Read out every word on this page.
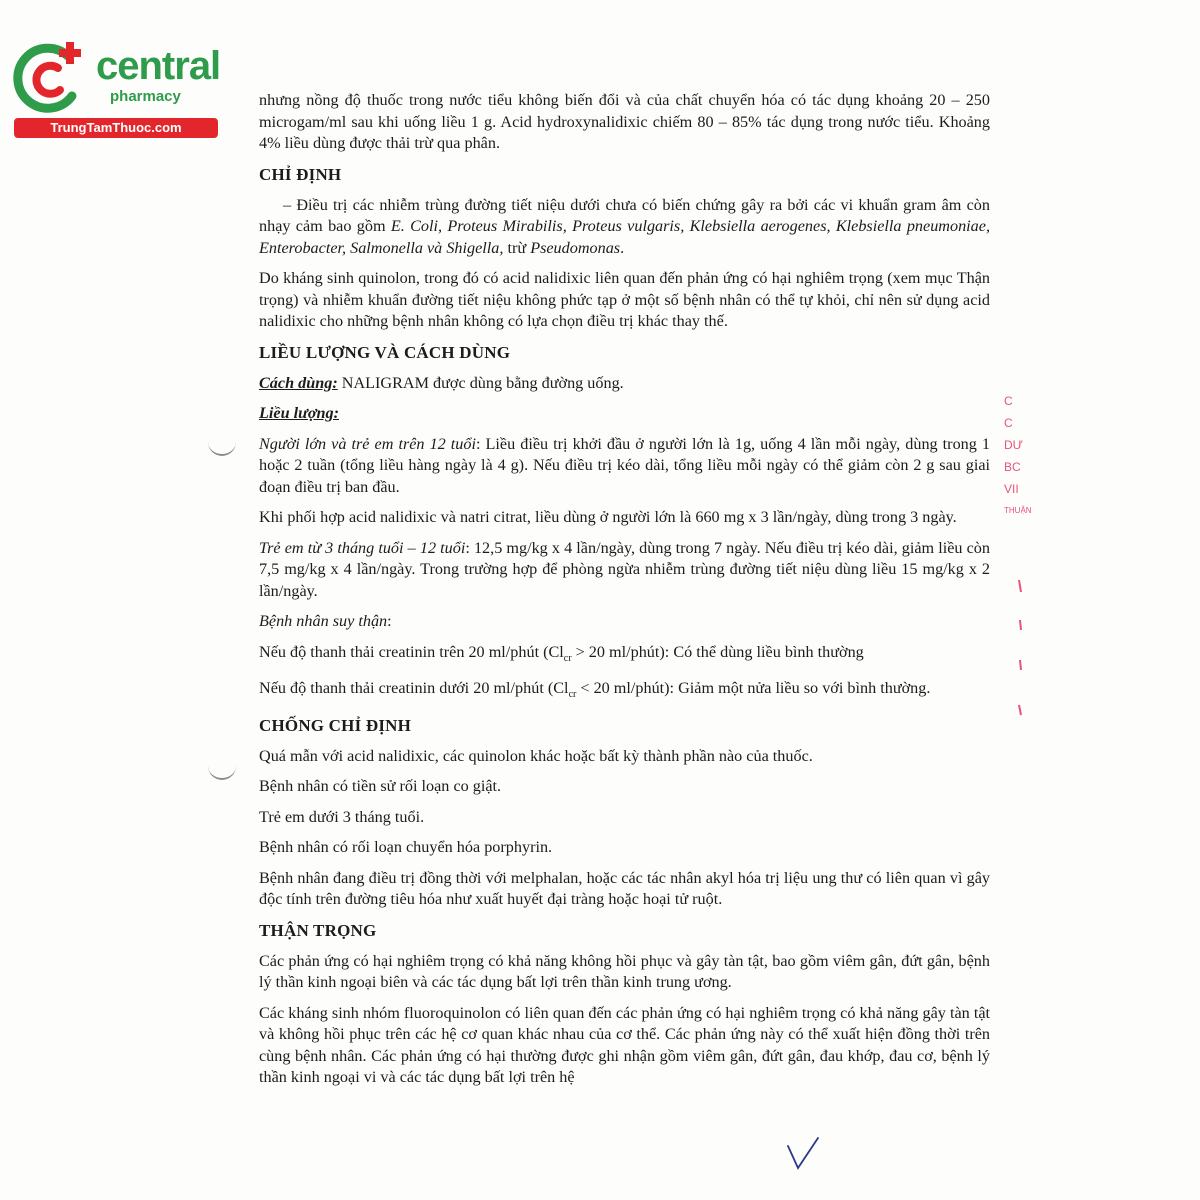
central
pharmacy
TrungTamThuoc.com
C
C
DƯ
BC
VII
THUẬN

nhưng nồng độ thuốc trong nước tiểu không biến đổi và của chất chuyển hóa có tác dụng khoảng 20 – 250 microgam/ml sau khi uống liều 1 g. Acid hydroxynalidixic chiếm 80 – 85% tác dụng trong nước tiểu. Khoảng 4% liều dùng được thải trừ qua phân.

CHỈ ĐỊNH

– Điều trị các nhiễm trùng đường tiết niệu dưới chưa có biến chứng gây ra bởi các vi khuẩn gram âm còn nhạy cảm bao gồm E. Coli, Proteus Mirabilis, Proteus vulgaris, Klebsiella aerogenes, Klebsiella pneumoniae, Enterobacter, Salmonella và Shigella, trừ Pseudomonas.

Do kháng sinh quinolon, trong đó có acid nalidixic liên quan đến phản ứng có hại nghiêm trọng (xem mục Thận trọng) và nhiễm khuẩn đường tiết niệu không phức tạp ở một số bệnh nhân có thể tự khỏi, chỉ nên sử dụng acid nalidixic cho những bệnh nhân không có lựa chọn điều trị khác thay thế.

LIỀU LƯỢNG VÀ CÁCH DÙNG

Cách dùng: NALIGRAM được dùng bằng đường uống.

Liều lượng:

Người lớn và trẻ em trên 12 tuổi: Liều điều trị khởi đầu ở người lớn là 1g, uống 4 lần mỗi ngày, dùng trong 1 hoặc 2 tuần (tổng liều hàng ngày là 4 g). Nếu điều trị kéo dài, tổng liều mỗi ngày có thể giảm còn 2 g sau giai đoạn điều trị ban đầu.

Khi phối hợp acid nalidixic và natri citrat, liều dùng ở người lớn là 660 mg x 3 lần/ngày, dùng trong 3 ngày.

Trẻ em từ 3 tháng tuổi – 12 tuổi: 12,5 mg/kg x 4 lần/ngày, dùng trong 7 ngày. Nếu điều trị kéo dài, giảm liều còn 7,5 mg/kg x 4 lần/ngày. Trong trường hợp để phòng ngừa nhiễm trùng đường tiết niệu dùng liều 15 mg/kg x 2 lần/ngày.

Bệnh nhân suy thận:

Nếu độ thanh thải creatinin trên 20 ml/phút ($Cl_{cr} > 20$ ml/phút): Có thể dùng liều bình thường

Nếu độ thanh thải creatinin dưới 20 ml/phút ($Cl_{cr} < 20$ ml/phút): Giảm một nửa liều so với bình thường.

CHỐNG CHỈ ĐỊNH

Quá mẫn với acid nalidixic, các quinolon khác hoặc bất kỳ thành phần nào của thuốc.

Bệnh nhân có tiền sử rối loạn co giật.

Trẻ em dưới 3 tháng tuổi.

Bệnh nhân có rối loạn chuyển hóa porphyrin.

Bệnh nhân đang điều trị đồng thời với melphalan, hoặc các tác nhân akyl hóa trị liệu ung thư có liên quan vì gây độc tính trên đường tiêu hóa như xuất huyết đại tràng hoặc hoại tử ruột.

THẬN TRỌNG

Các phản ứng có hại nghiêm trọng có khả năng không hồi phục và gây tàn tật, bao gồm viêm gân, đứt gân, bệnh lý thần kinh ngoại biên và các tác dụng bất lợi trên thần kinh trung ương.

Các kháng sinh nhóm fluoroquinolon có liên quan đến các phản ứng có hại nghiêm trọng có khả năng gây tàn tật và không hồi phục trên các hệ cơ quan khác nhau của cơ thể. Các phản ứng này có thể xuất hiện đồng thời trên cùng bệnh nhân. Các phản ứng có hại thường được ghi nhận gồm viêm gân, đứt gân, đau khớp, đau cơ, bệnh lý thần kinh ngoại vi và các tác dụng bất lợi trên hệ
